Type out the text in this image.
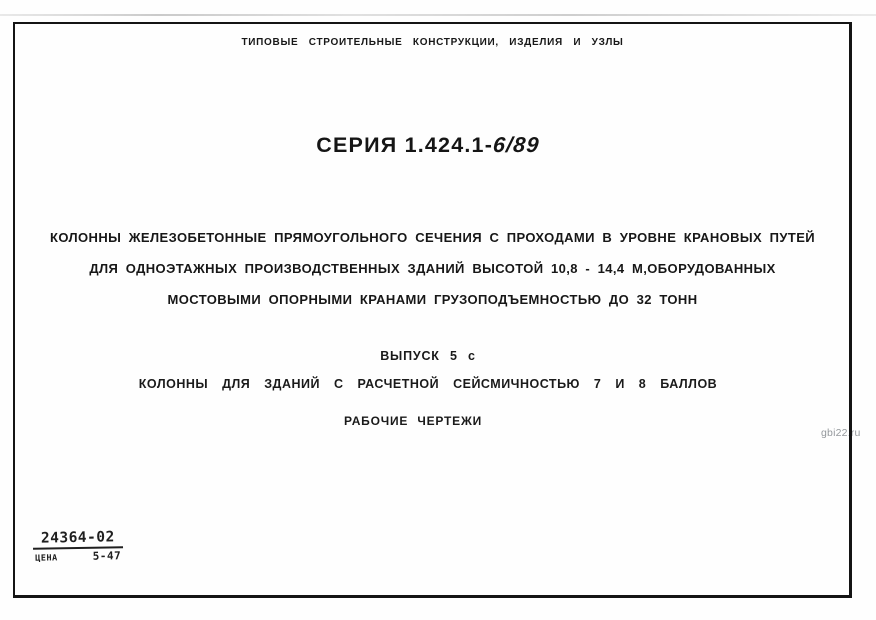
ТИПОВЫЕ СТРОИТЕЛЬНЫЕ КОНСТРУКЦИИ, ИЗДЕЛИЯ И УЗЛЫ
СЕРИЯ 1.424.1-6/89
КОЛОННЫ ЖЕЛЕЗОБЕТОННЫЕ ПРЯМОУГОЛЬНОГО СЕЧЕНИЯ С ПРОХОДАМИ В УРОВНЕ КРАНОВЫХ ПУТЕЙ
ДЛЯ ОДНОЭТАЖНЫХ ПРОИЗВОДСТВЕННЫХ ЗДАНИЙ ВЫСОТОЙ 10,8 - 14,4 М,ОБОРУДОВАННЫХ
МОСТОВЫМИ ОПОРНЫМИ КРАНАМИ ГРУЗОПОДЪЕМНОСТЬЮ ДО 32 ТОНН
ВЫПУСК 5 с
КОЛОННЫ ДЛЯ ЗДАНИЙ С РАСЧЕТНОЙ СЕЙСМИЧНОСТЬЮ 7 И 8 БАЛЛОВ
РАБОЧИЕ ЧЕРТЕЖИ
gbi22.ru
24364-02
ЦЕНА	5-47
